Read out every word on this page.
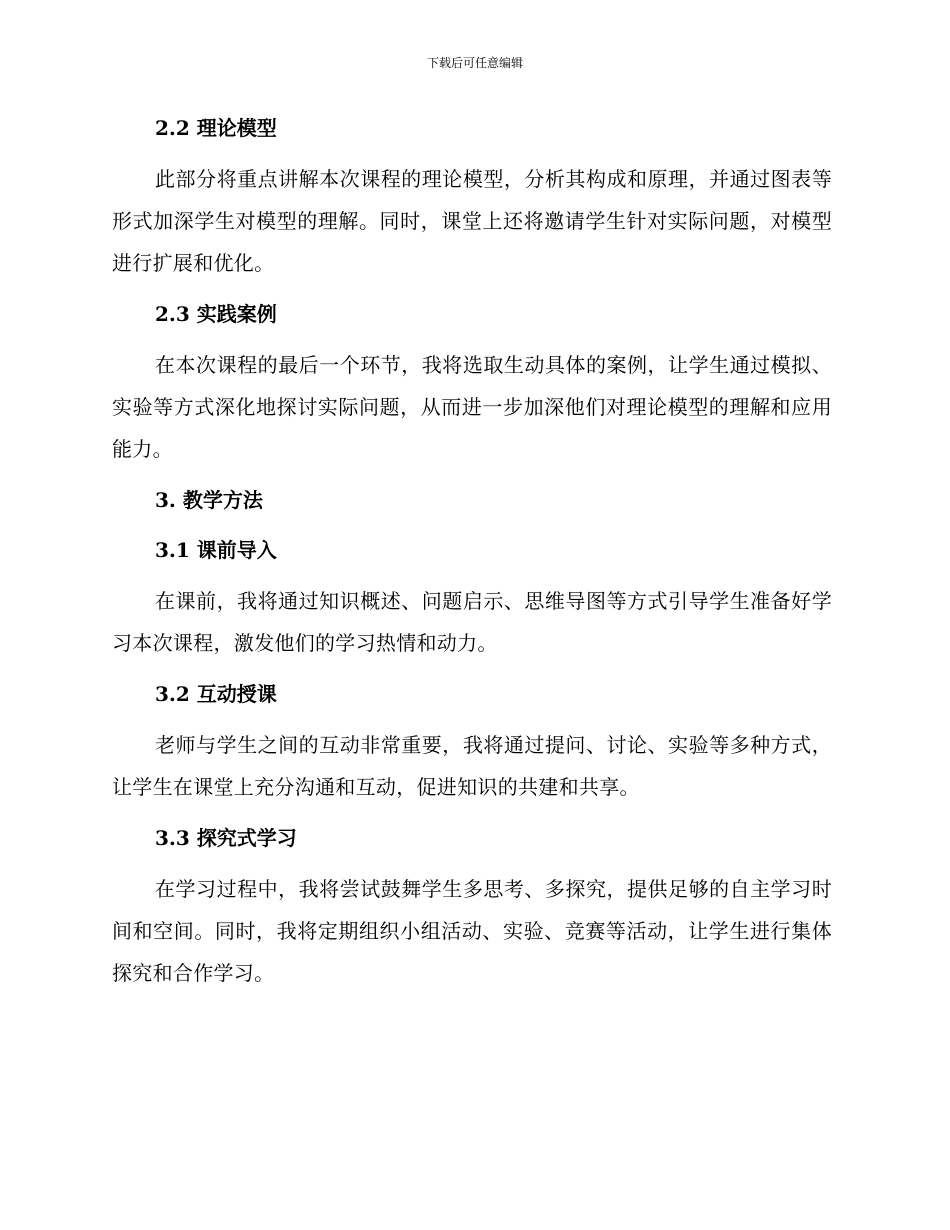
下载后可任意编辑
2.2 理论模型

此部分将重点讲解本次课程的理论模型，分析其构成和原理，并通过图表等形式加深学生对模型的理解。同时，课堂上还将邀请学生针对实际问题，对模型进行扩展和优化。

2.3 实践案例

在本次课程的最后一个环节，我将选取生动具体的案例，让学生通过模拟、实验等方式深化地探讨实际问题，从而进一步加深他们对理论模型的理解和应用能力。

3. 教学方法
3.1 课前导入

在课前，我将通过知识概述、问题启示、思维导图等方式引导学生准备好学习本次课程，激发他们的学习热情和动力。

3.2 互动授课

老师与学生之间的互动非常重要，我将通过提问、讨论、实验等多种方式，让学生在课堂上充分沟通和互动，促进知识的共建和共享。

3.3 探究式学习

在学习过程中，我将尝试鼓舞学生多思考、多探究，提供足够的自主学习时间和空间。同时，我将定期组织小组活动、实验、竞赛等活动，让学生进行集体探究和合作学习。
